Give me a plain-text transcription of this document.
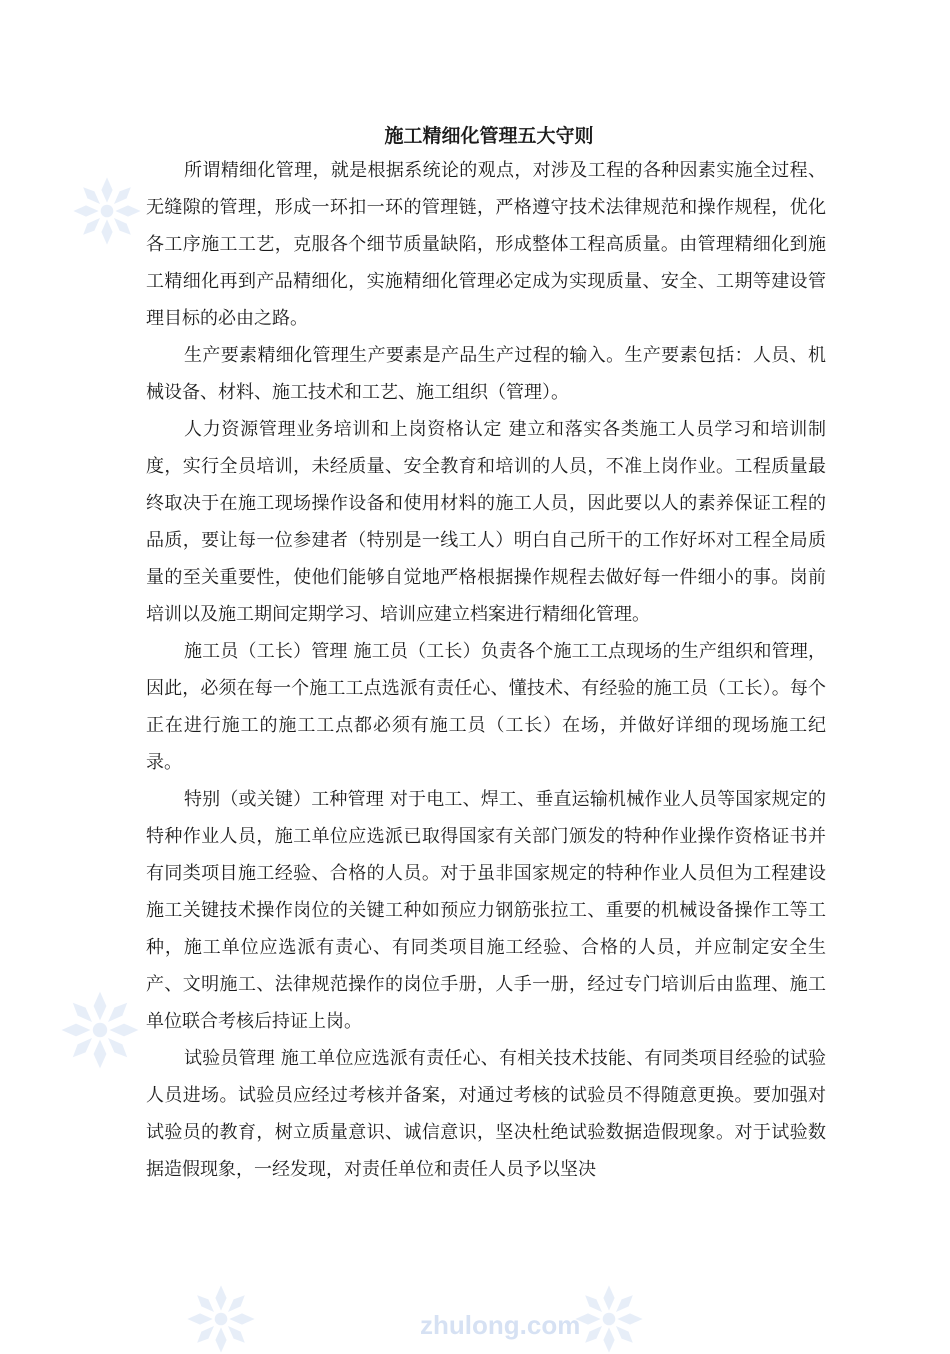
zhulong.com
施工精细化管理五大守则

所谓精细化管理，就是根据系统论的观点，对涉及工程的各种因素实施全过程、无缝隙的管理，形成一环扣一环的管理链，严格遵守技术法律规范和操作规程，优化各工序施工工艺，克服各个细节质量缺陷，形成整体工程高质量。由管理精细化到施工精细化再到产品精细化，实施精细化管理必定成为实现质量、安全、工期等建设管理目标的必由之路。

生产要素精细化管理生产要素是产品生产过程的输入。生产要素包括：人员、机械设备、材料、施工技术和工艺、施工组织（管理）。

人力资源管理业务培训和上岗资格认定 建立和落实各类施工人员学习和培训制度，实行全员培训，未经质量、安全教育和培训的人员，不准上岗作业。工程质量最终取决于在施工现场操作设备和使用材料的施工人员，因此要以人的素养保证工程的品质，要让每一位参建者（特别是一线工人）明白自己所干的工作好坏对工程全局质量的至关重要性，使他们能够自觉地严格根据操作规程去做好每一件细小的事。岗前培训以及施工期间定期学习、培训应建立档案进行精细化管理。

施工员（工长）管理 施工员（工长）负责各个施工工点现场的生产组织和管理，因此，必须在每一个施工工点选派有责任心、懂技术、有经验的施工员（工长）。每个正在进行施工的施工工点都必须有施工员（工长）在场，并做好详细的现场施工纪录。

特别（或关键）工种管理 对于电工、焊工、垂直运输机械作业人员等国家规定的特种作业人员，施工单位应选派已取得国家有关部门颁发的特种作业操作资格证书并有同类项目施工经验、合格的人员。对于虽非国家规定的特种作业人员但为工程建设施工关键技术操作岗位的关键工种如预应力钢筋张拉工、重要的机械设备操作工等工种，施工单位应选派有责心、有同类项目施工经验、合格的人员，并应制定安全生产、文明施工、法律规范操作的岗位手册，人手一册，经过专门培训后由监理、施工单位联合考核后持证上岗。

试验员管理 施工单位应选派有责任心、有相关技术技能、有同类项目经验的试验人员进场。试验员应经过考核并备案，对通过考核的试验员不得随意更换。要加强对试验员的教育，树立质量意识、诚信意识，坚决杜绝试验数据造假现象。对于试验数据造假现象，一经发现，对责任单位和责任人员予以坚决
